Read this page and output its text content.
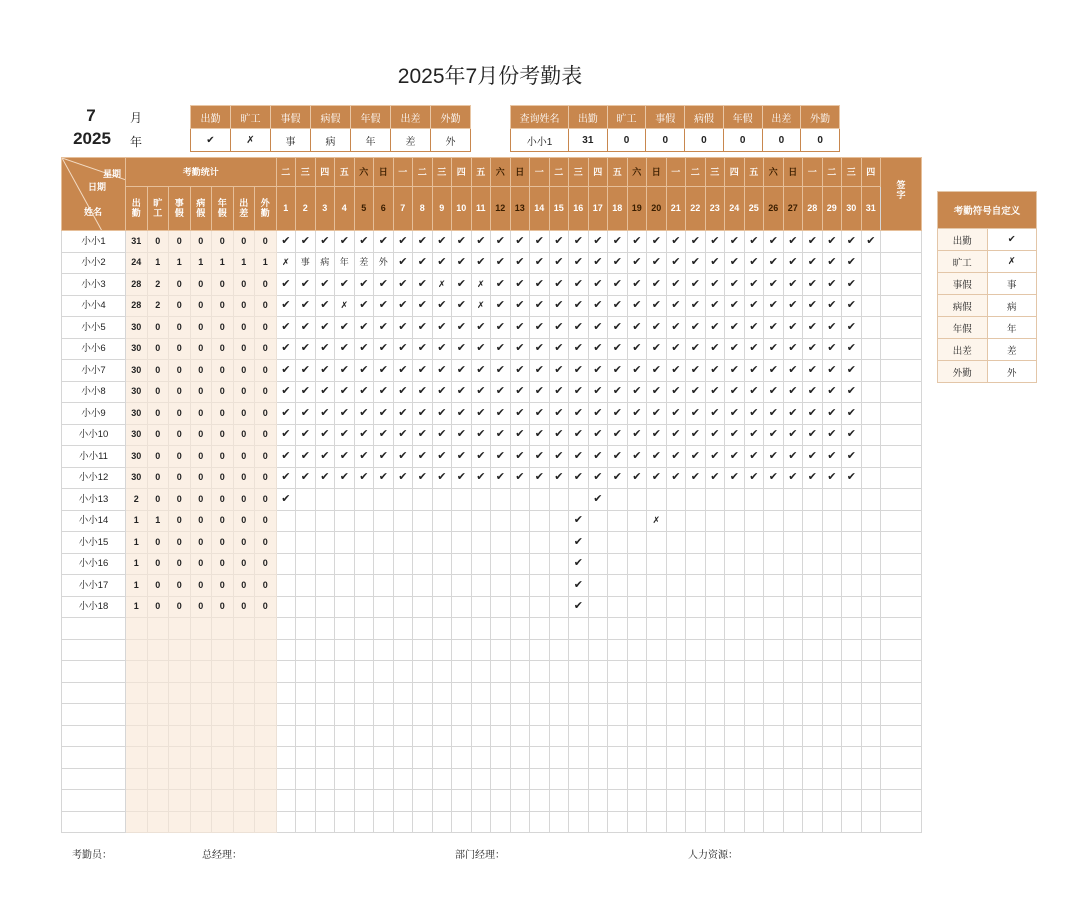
2025年7月份考勤表
7	月
2025	年
出勤	旷工	事假	病假	年假	出差	外勤
✔	✗	事	病	年	差	外
查询姓名	出勤	旷工	事假	病假	年假	出差	外勤
小小1	31	0	0	0	0	0	0
星期
日期
姓名	考勤统计							二	三	四	五	六	日	一	二	三	四	五	六	日	一	二	三	四	五	六	日	一	二	三	四	五	六	日	一	二	三	四	签字
	出勤	旷工	事假	病假	年假	出差	外勤	1	2	3	4	5	6	7	8	9	10	11	12	13	14	15	16	17	18	19	20	21	22	23	24	25	26	27	28	29	30	31	
小小1	31	0	0	0	0	0	0	✔	✔	✔	✔	✔	✔	✔	✔	✔	✔	✔	✔	✔	✔	✔	✔	✔	✔	✔	✔	✔	✔	✔	✔	✔	✔	✔	✔	✔	✔	✔	
小小2	24	1	1	1	1	1	1	✗	事	病	年	差	外	✔	✔	✔	✔	✔	✔	✔	✔	✔	✔	✔	✔	✔	✔	✔	✔	✔	✔	✔	✔	✔	✔	✔	✔		
小小3	28	2	0	0	0	0	0	✔	✔	✔	✔	✔	✔	✔	✔	✗	✔	✗	✔	✔	✔	✔	✔	✔	✔	✔	✔	✔	✔	✔	✔	✔	✔	✔	✔	✔	✔		
小小4	28	2	0	0	0	0	0	✔	✔	✔	✗	✔	✔	✔	✔	✔	✔	✗	✔	✔	✔	✔	✔	✔	✔	✔	✔	✔	✔	✔	✔	✔	✔	✔	✔	✔	✔		
小小5	30	0	0	0	0	0	0	✔	✔	✔	✔	✔	✔	✔	✔	✔	✔	✔	✔	✔	✔	✔	✔	✔	✔	✔	✔	✔	✔	✔	✔	✔	✔	✔	✔	✔	✔		
小小6	30	0	0	0	0	0	0	✔	✔	✔	✔	✔	✔	✔	✔	✔	✔	✔	✔	✔	✔	✔	✔	✔	✔	✔	✔	✔	✔	✔	✔	✔	✔	✔	✔	✔	✔		
小小7	30	0	0	0	0	0	0	✔	✔	✔	✔	✔	✔	✔	✔	✔	✔	✔	✔	✔	✔	✔	✔	✔	✔	✔	✔	✔	✔	✔	✔	✔	✔	✔	✔	✔	✔		
小小8	30	0	0	0	0	0	0	✔	✔	✔	✔	✔	✔	✔	✔	✔	✔	✔	✔	✔	✔	✔	✔	✔	✔	✔	✔	✔	✔	✔	✔	✔	✔	✔	✔	✔	✔		
小小9	30	0	0	0	0	0	0	✔	✔	✔	✔	✔	✔	✔	✔	✔	✔	✔	✔	✔	✔	✔	✔	✔	✔	✔	✔	✔	✔	✔	✔	✔	✔	✔	✔	✔	✔		
小小10	30	0	0	0	0	0	0	✔	✔	✔	✔	✔	✔	✔	✔	✔	✔	✔	✔	✔	✔	✔	✔	✔	✔	✔	✔	✔	✔	✔	✔	✔	✔	✔	✔	✔	✔		
小小11	30	0	0	0	0	0	0	✔	✔	✔	✔	✔	✔	✔	✔	✔	✔	✔	✔	✔	✔	✔	✔	✔	✔	✔	✔	✔	✔	✔	✔	✔	✔	✔	✔	✔	✔		
小小12	30	0	0	0	0	0	0	✔	✔	✔	✔	✔	✔	✔	✔	✔	✔	✔	✔	✔	✔	✔	✔	✔	✔	✔	✔	✔	✔	✔	✔	✔	✔	✔	✔	✔	✔		
小小13	2	0	0	0	0	0	0	✔																✔															
小小14	1	1	0	0	0	0	0																✔				✗												
小小15	1	0	0	0	0	0	0																✔																
小小16	1	0	0	0	0	0	0																✔																
小小17	1	0	0	0	0	0	0																✔																
小小18	1	0	0	0	0	0	0																✔																

考勤符号自定义	
出勤	✔
旷工	✗
事假	事
病假	病
年假	年
出差	差
外勤	外
考勤员：	总经理：	部门经理：	人力资源：
